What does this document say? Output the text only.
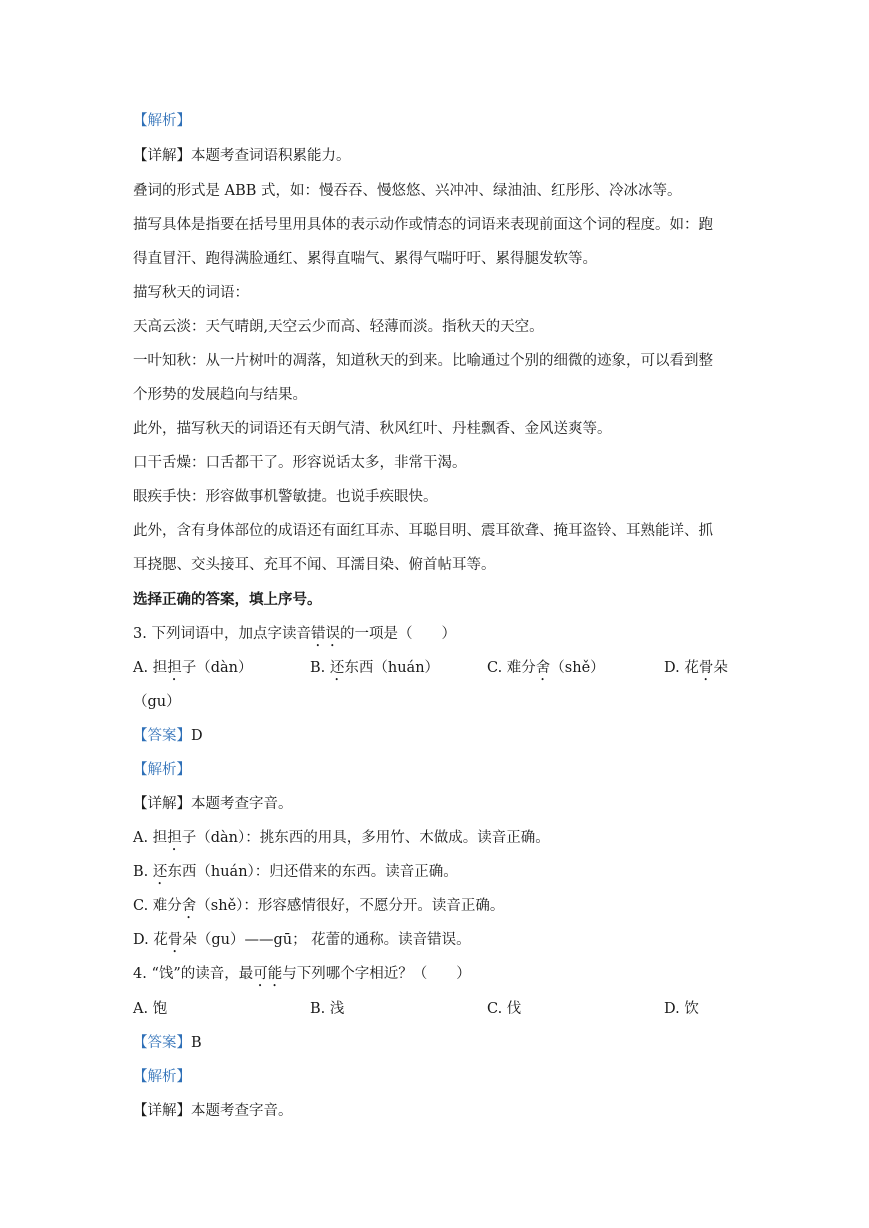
【解析】
【详解】本题考查词语积累能力。
叠词的形式是 ABB 式，如：慢吞吞、慢悠悠、兴冲冲、绿油油、红彤彤、冷冰冰等。
描写具体是指要在括号里用具体的表示动作或情态的词语来表现前面这个词的程度。如：跑
得直冒汗、跑得满脸通红、累得直喘气、累得气喘吁吁、累得腿发软等。
描写秋天的词语：
天高云淡：天气晴朗,天空云少而高、轻薄而淡。指秋天的天空。
一叶知秋：从一片树叶的凋落，知道秋天的到来。比喻通过个别的细微的迹象，可以看到整
个形势的发展趋向与结果。
此外，描写秋天的词语还有天朗气清、秋风红叶、丹桂飘香、金风送爽等。
口干舌燥：口舌都干了。形容说话太多，非常干渴。
眼疾手快：形容做事机警敏捷。也说手疾眼快。
此外，含有身体部位的成语还有面红耳赤、耳聪目明、震耳欲聋、掩耳盗铃、耳熟能详、抓
耳挠腮、交头接耳、充耳不闻、耳濡目染、俯首帖耳等。
选择正确的答案，填上序号。
3. 下列词语中，加点字读音错误的一项是（　　）
A. 担担子（dàn）	B. 还东西（huán）	C. 难分舍（shě）	D. 花骨朵
（gu）
【答案】D
【解析】
【详解】本题考查字音。
A. 担担子（dàn）：挑东西的用具，多用竹、木做成。读音正确。
B. 还东西（huán）：归还借来的东西。读音正确。
C. 难分舍（shě）：形容感情很好，不愿分开。读音正确。
D. 花骨朵（gu）——gū； 花蕾的通称。读音错误。
4. “饯”的读音，最可能与下列哪个字相近？（　　）
A. 饱	B. 浅	C. 伐	D. 饮
【答案】B
【解析】
【详解】本题考查字音。
